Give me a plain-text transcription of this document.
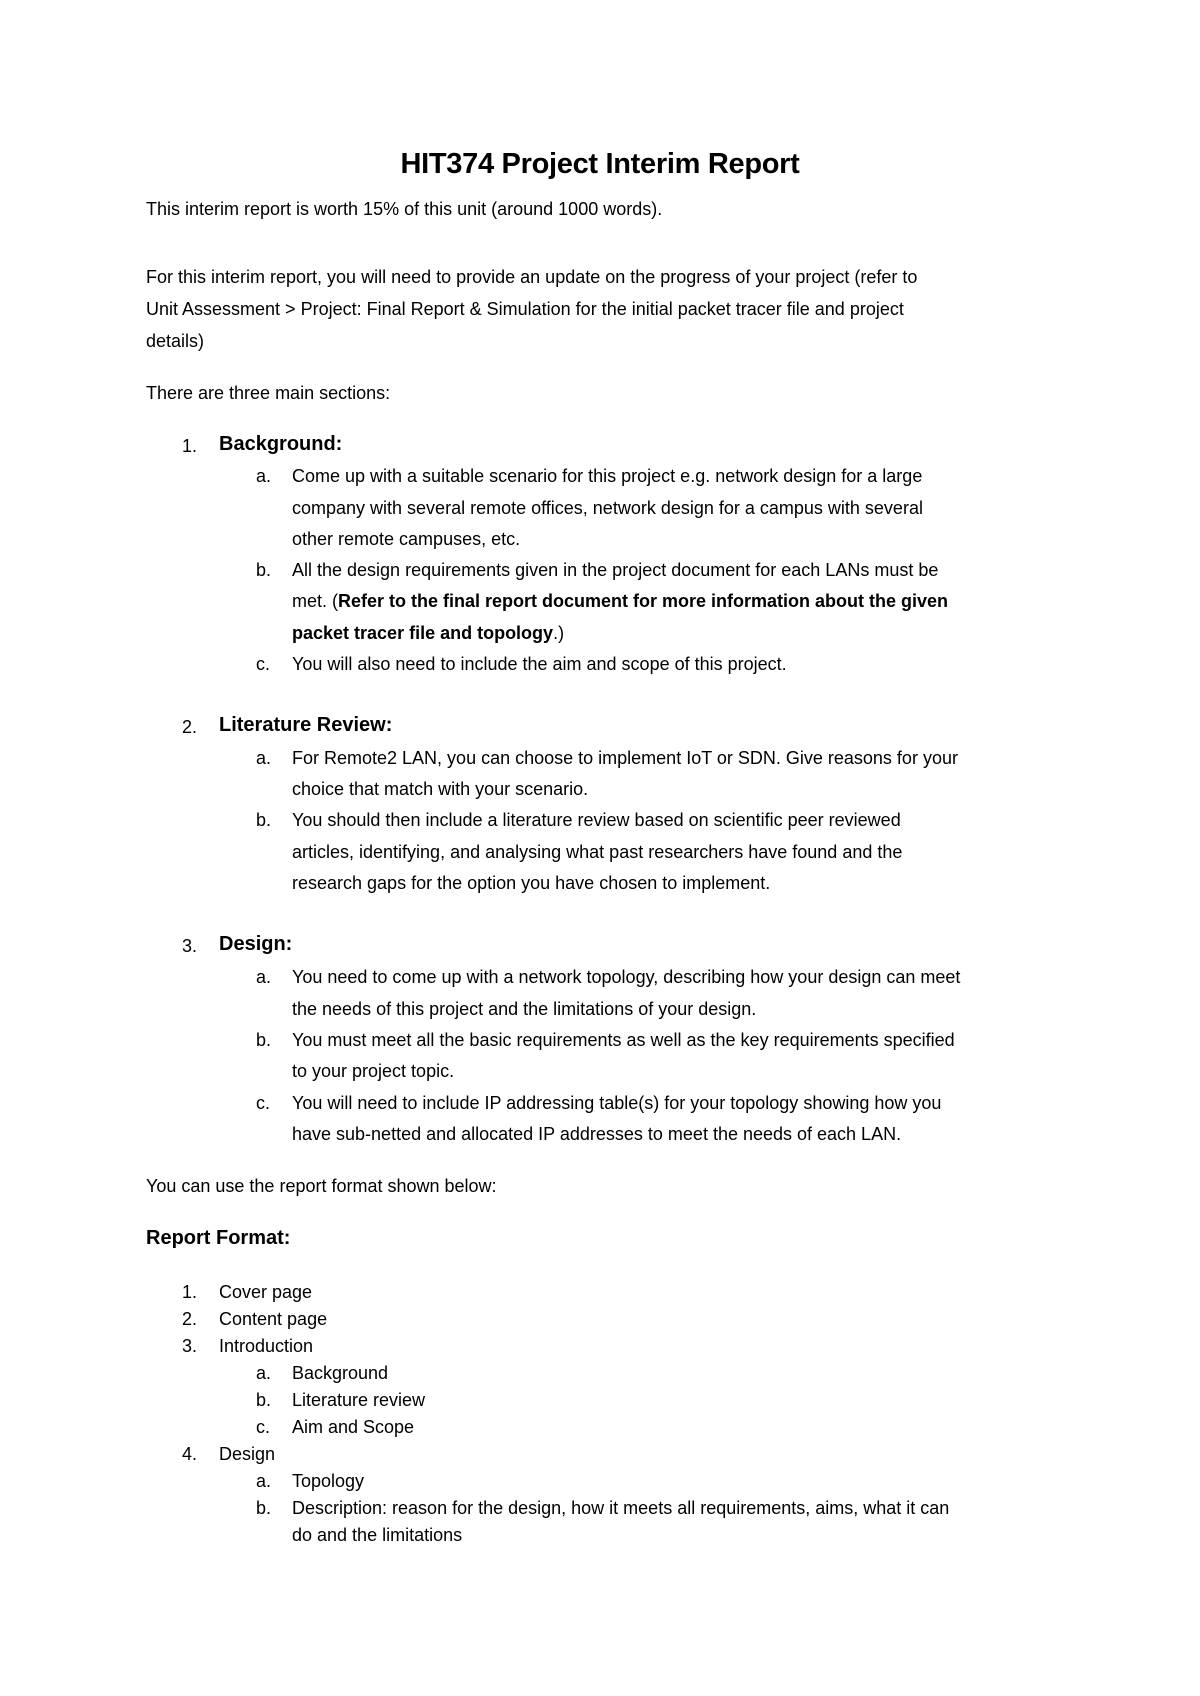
HIT374 Project Interim Report
This interim report is worth 15% of this unit (around 1000 words).
For this interim report, you will need to provide an update on the progress of your project (refer to
Unit Assessment > Project: Final Report & Simulation for the initial packet tracer file and project
details)
There are three main sections:
1. Background:
a. Come up with a suitable scenario for this project e.g. network design for a large
company with several remote offices, network design for a campus with several
other remote campuses, etc.
b. All the design requirements given in the project document for each LANs must be
met. (Refer to the final report document for more information about the given
packet tracer file and topology.)
c. You will also need to include the aim and scope of this project.
2. Literature Review:
a. For Remote2 LAN, you can choose to implement IoT or SDN. Give reasons for your
choice that match with your scenario.
b. You should then include a literature review based on scientific peer reviewed
articles, identifying, and analysing what past researchers have found and the
research gaps for the option you have chosen to implement.
3. Design:
a. You need to come up with a network topology, describing how your design can meet
the needs of this project and the limitations of your design.
b. You must meet all the basic requirements as well as the key requirements specified
to your project topic.
c. You will need to include IP addressing table(s) for your topology showing how you
have sub-netted and allocated IP addresses to meet the needs of each LAN.
You can use the report format shown below:
Report Format:
1. Cover page
2. Content page
3. Introduction
a. Background
b. Literature review
c. Aim and Scope
4. Design
a. Topology
b. Description: reason for the design, how it meets all requirements, aims, what it can
do and the limitations
